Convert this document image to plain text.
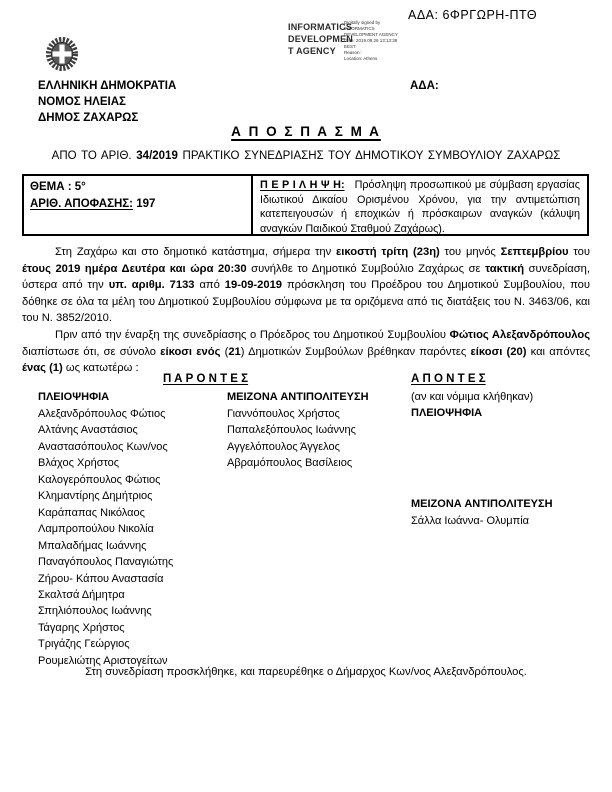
ΑΔΑ: 6ΦΡΓΩΡΗ-ΠΤΘ
INFORMATICS
DEVELOPMEN
T AGENCY
Digitally signed by
INFORMATICS
DEVELOPMENT AGENCY
Date: 2019.09.26 13:13:38
EEST
Reason:
Location: Athens
ΕΛΛΗΝΙΚΗ ΔΗΜΟΚΡΑΤΙΑ
ΝΟΜΟΣ ΗΛΕΙΑΣ
ΔΗΜΟΣ ΖΑΧΑΡΩΣ
ΑΔΑ:
Α Π Ο Σ Π Α Σ Μ Α
ΑΠΟ ΤΟ ΑΡΙΘ. 34/2019 ΠΡΑΚΤΙΚΟ ΣΥΝΕΔΡΙΑΣΗΣ ΤΟΥ ΔΗΜΟΤΙΚΟΥ ΣΥΜΒΟΥΛΙΟΥ ΖΑΧΑΡΩΣ
ΘΕΜΑ : 5°
ΑΡΙΘ. ΑΠΟΦΑΣΗΣ: 197
Π Ε Ρ Ι Λ Η Ψ Η: Πρόσληψη προσωπικού με σύμβαση εργασίας Ιδιωτικού Δικαίου Ορισμένου Χρόνου, για την αντιμετώπιση κατεπειγουσών ή εποχικών ή πρόσκαιρων αναγκών (κάλυψη αναγκών Παιδικού Σταθμού Ζαχάρως).

Στη Ζαχάρω και στο δημοτικό κατάστημα, σήμερα την εικοστή τρίτη (23η) του μηνός Σεπτεμβρίου του έτους 2019 ημέρα Δευτέρα και ώρα 20:30 συνήλθε το Δημοτικό Συμβούλιο Ζαχάρως σε τακτική συνεδρίαση, ύστερα από την υπ. αριθμ. 7133 από 19-09-2019 πρόσκληση του Προέδρου του Δημοτικού Συμβουλίου, που δόθηκε σε όλα τα μέλη του Δημοτικού Συμβουλίου σύμφωνα με τα οριζόμενα από τις διατάξεις του Ν. 3463/06, και του Ν. 3852/2010.

Πριν από την έναρξη της συνεδρίασης ο Πρόεδρος του Δημοτικού Συμβουλίου Φώτιος Αλεξανδρόπουλος διαπίστωσε ότι, σε σύνολο είκοσι ενός (21) Δημοτικών Συμβούλων βρέθηκαν παρόντες είκοσι (20) και απόντες ένας (1) ως κατωτέρω :

Π Α Ρ Ο Ν Τ Ε Σ	Α Π Ο Ν Τ Ε Σ
ΠΛΕΙΟΨΗΦΙΑ
Αλεξανδρόπουλος Φώτιος
Αλτάνης Αναστάσιος
Αναστασόπουλος Κων/νος
Βλάχος Χρήστος
Καλογερόπουλος Φώτιος
Κλημαντίρης Δημήτριος
Καράπαπας Νικόλαος
Λαμπροπούλου Νικολία
Μπαλαδήμας Ιωάννης
Παναγόπουλος Παναγιώτης
Ζήρου- Κάπου Αναστασία
Σκαλτσά Δήμητρα
Σπηλιόπουλος Ιωάννης
Τάγαρης Χρήστος
Τριγάζης Γεώργιος
Ρουμελιώτης Αριστογείτων
ΜΕΙΖΟΝΑ ΑΝΤΙΠΟΛΙΤΕΥΣΗ
Γιαννόπουλος Χρήστος
Παπαλεξόπουλος Ιωάννης
Αγγελόπουλος Άγγελος
Αβραμόπουλος Βασίλειος
(αν και νόμιμα κλήθηκαν)
ΠΛΕΙΟΨΗΦΙΑ
ΜΕΙΖΟΝΑ ΑΝΤΙΠΟΛΙΤΕΥΣΗ
Σάλλα Ιωάννα- Ολυμπία
Στη συνεδρίαση προσκλήθηκε, και παρευρέθηκε ο Δήμαρχος Κων/νος Αλεξανδρόπουλος.
